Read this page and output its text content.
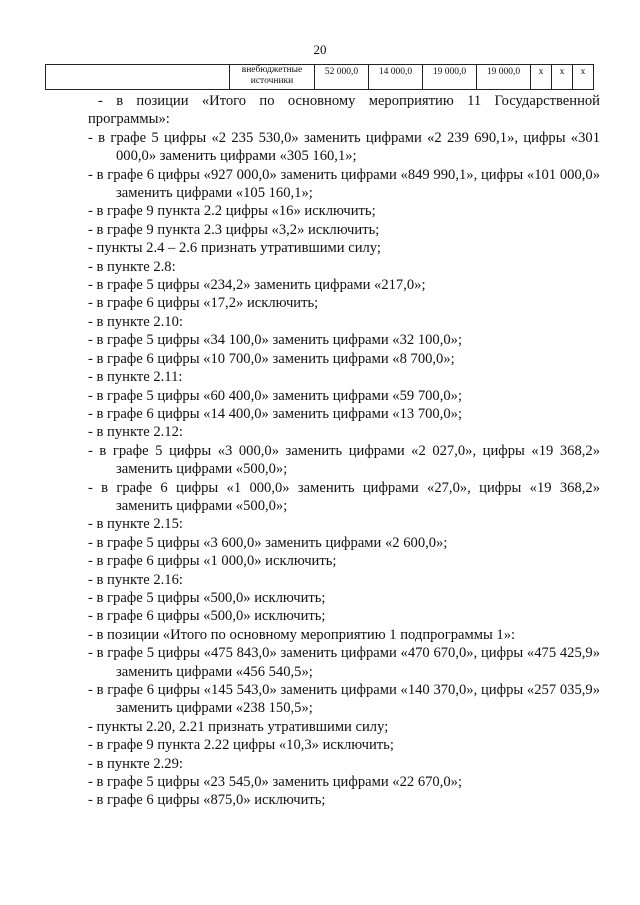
20
	внебюджетные
источники	52 000,0	14 000,0	19 000,0	19 000,0	х	х	х

- в позиции «Итого по основному мероприятию 11 Государственной программы»:

- в графе 5 цифры «2 235 530,0» заменить цифрами «2 239 690,1», цифры «301 000,0» заменить цифрами «305 160,1»;

- в графе 6 цифры «927 000,0» заменить цифрами «849 990,1», цифры «101 000,0» заменить цифрами «105 160,1»;

- в графе 9 пункта 2.2 цифры «16» исключить;

- в графе 9 пункта 2.3 цифры «3,2» исключить;

- пункты 2.4 – 2.6 признать утратившими силу;

- в пункте 2.8:

- в графе 5 цифры «234,2» заменить цифрами «217,0»;

- в графе 6 цифры «17,2» исключить;

- в пункте 2.10:

- в графе 5 цифры «34 100,0» заменить цифрами «32 100,0»;

- в графе 6 цифры «10 700,0» заменить цифрами «8 700,0»;

- в пункте 2.11:

- в графе 5 цифры «60 400,0» заменить цифрами «59 700,0»;

- в графе 6 цифры «14 400,0» заменить цифрами «13 700,0»;

- в пункте 2.12:

- в графе 5 цифры «3 000,0» заменить цифрами «2 027,0», цифры «19 368,2» заменить цифрами «500,0»;

- в графе 6 цифры «1 000,0» заменить цифрами «27,0», цифры «19 368,2» заменить цифрами «500,0»;

- в пункте 2.15:

- в графе 5 цифры «3 600,0» заменить цифрами «2 600,0»;

- в графе 6 цифры «1 000,0» исключить;

- в пункте 2.16:

- в графе 5 цифры «500,0» исключить;

- в графе 6 цифры «500,0» исключить;

- в позиции «Итого по основному мероприятию 1 подпрограммы 1»:

- в графе 5 цифры «475 843,0» заменить цифрами «470 670,0», цифры «475 425,9» заменить цифрами «456 540,5»;

- в графе 6 цифры «145 543,0» заменить цифрами «140 370,0», цифры «257 035,9» заменить цифрами «238 150,5»;

- пункты 2.20, 2.21 признать утратившими силу;

- в графе 9 пункта 2.22 цифры «10,3» исключить;

- в пункте 2.29:

- в графе 5 цифры «23 545,0» заменить цифрами «22 670,0»;

- в графе 6 цифры «875,0» исключить;
